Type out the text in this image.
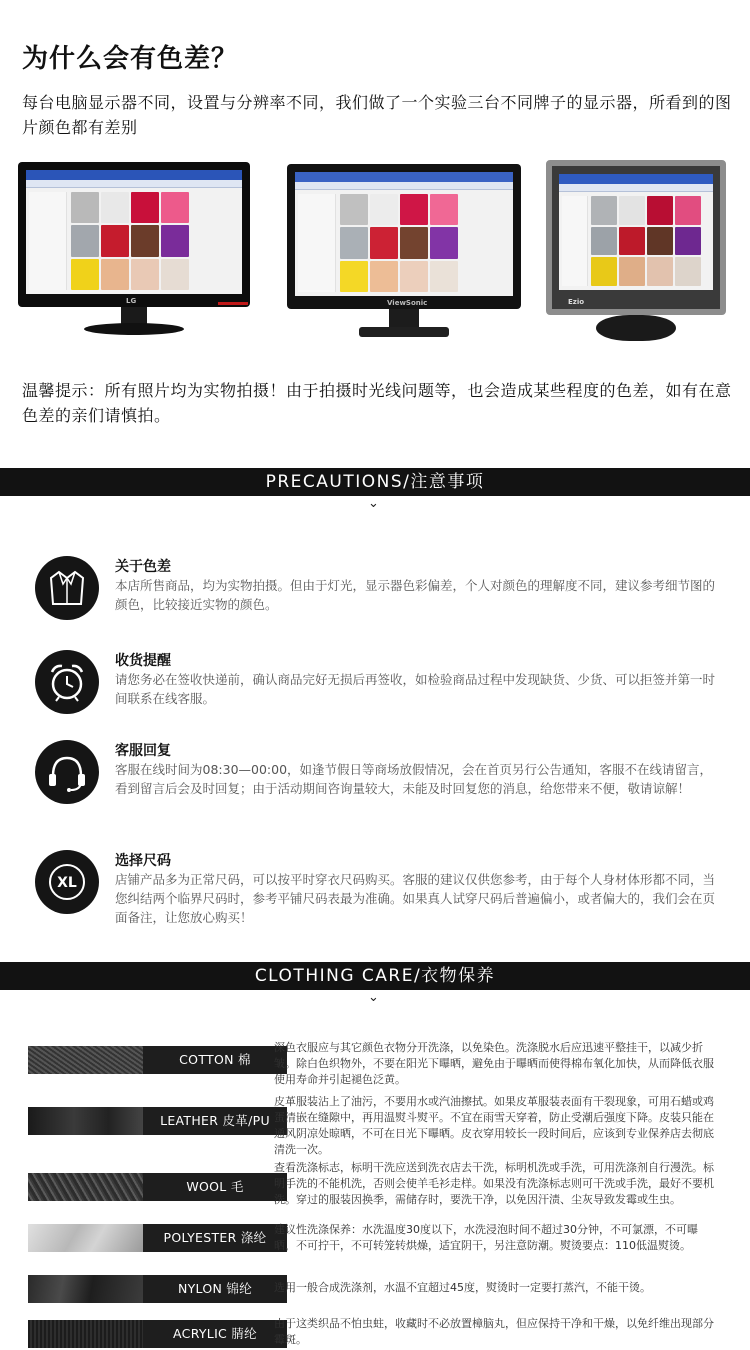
为什么会有色差？
每台电脑显示器不同，设置与分辨率不同，我们做了一个实验三台不同牌子的显示器，所看到的图片颜色都有差别
LG	ViewSonic	Ezio
温馨提示：所有照片均为实物拍摄！由于拍摄时光线问题等，也会造成某些程度的色差，如有在意色差的亲们请慎拍。
PRECAUTIONS/注意事项
⌄
关于色差
本店所售商品，均为实物拍摄。但由于灯光，显示器色彩偏差，个人对颜色的理解度不同，建议参考细节图的颜色，比较接近实物的颜色。
收货提醒
请您务必在签收快递前，确认商品完好无损后再签收，如检验商品过程中发现缺货、少货、可以拒签并第一时间联系在线客服。
客服回复
客服在线时间为08:30—00:00，如逢节假日等商场放假情况，会在首页另行公告通知，客服不在线请留言，看到留言后会及时回复；由于活动期间咨询量较大，未能及时回复您的消息，给您带来不便，敬请谅解！
XL
选择尺码
店铺产品多为正常尺码，可以按平时穿衣尺码购买。客服的建议仅供您参考，由于每个人身材体形都不同，当您纠结两个临界尺码时，参考平铺尺码表最为准确。如果真人试穿尺码后普遍偏小，或者偏大的，我们会在页面备注，让您放心购买！
CLOTHING CARE/衣物保养
⌄
COTTON 棉
深色衣服应与其它颜色衣物分开洗涤，以免染色。洗涤脱水后应迅速平整挂干，以减少折皱。除白色织物外，不要在阳光下曝晒，避免由于曝晒而使得棉布氧化加快，从而降低衣服使用寿命并引起褪色泛黄。
LEATHER 皮革/PU
皮革服装沾上了油污，不要用水或汽油擦拭。如果皮革服装表面有干裂现象，可用石蜡或鸡蛋清嵌在缝隙中，再用温熨斗熨平。不宜在雨雪天穿着，防止受潮后强度下降。皮装只能在通风阴凉处晾晒，不可在日光下曝晒。皮衣穿用较长一段时间后，应该到专业保养店去彻底清洗一次。
WOOL 毛
查看洗涤标志，标明干洗应送到洗衣店去干洗，标明机洗或手洗，可用洗涤剂自行漫洗。标明手洗的不能机洗，否则会使羊毛衫走样。如果没有洗涤标志则可干洗或手洗，最好不要机洗。穿过的服装因换季，需储存时，要洗干净，以免因汗渍、尘灰导致发霉或生虫。
POLYESTER 涤纶
建议性洗涤保养：水洗温度30度以下，水洗浸泡时间不超过30分钟，不可氯漂，不可曝晒，不可拧干，不可转笼转烘燥，适宜阴干，另注意防潮。熨烫要点：110低温熨烫。
NYLON 锦纶	选用一般合成洗涤剂，水温不宜超过45度，熨烫时一定要打蒸汽，不能干烫。
ACRYLIC 腈纶
由于这类织品不怕虫蛀，收藏时不必放置樟脑丸，但应保持干净和干燥，以免纤维出现部分霉斑。
